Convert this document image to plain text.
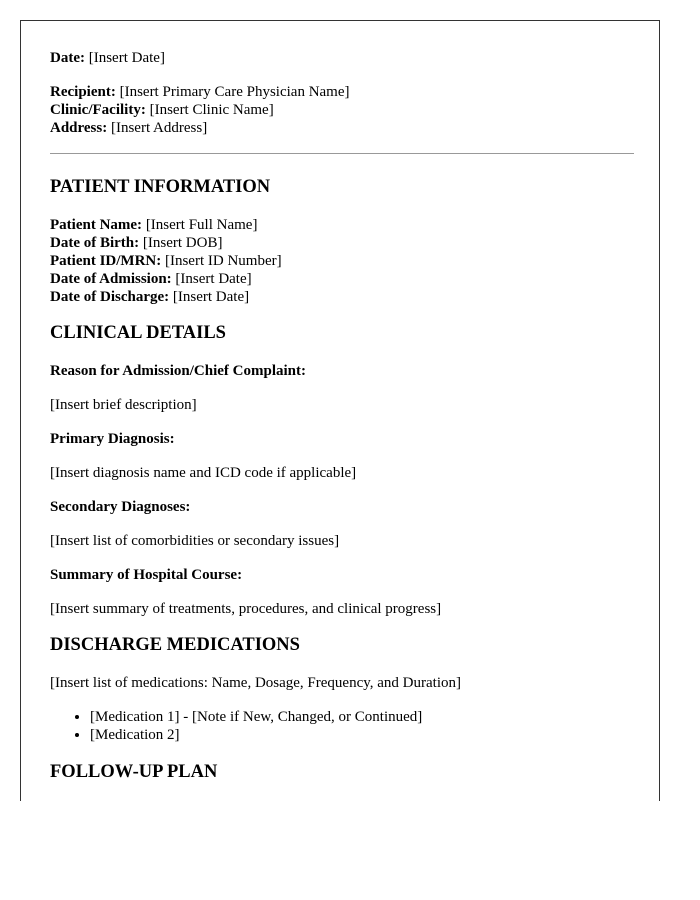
Date: [Insert Date]

Recipient: [Insert Primary Care Physician Name]

Clinic/Facility: [Insert Clinic Name]

Address: [Insert Address]

PATIENT INFORMATION

Patient Name: [Insert Full Name]

Date of Birth: [Insert DOB]

Patient ID/MRN: [Insert ID Number]

Date of Admission: [Insert Date]

Date of Discharge: [Insert Date]

CLINICAL DETAILS

Reason for Admission/Chief Complaint:

[Insert brief description]

Primary Diagnosis:

[Insert diagnosis name and ICD code if applicable]

Secondary Diagnoses:

[Insert list of comorbidities or secondary issues]

Summary of Hospital Course:

[Insert summary of treatments, procedures, and clinical progress]

DISCHARGE MEDICATIONS

[Insert list of medications: Name, Dosage, Frequency, and Duration]

• [Medication 1] - [Note if New, Changed, or Continued]
• [Medication 2]
FOLLOW-UP PLAN
